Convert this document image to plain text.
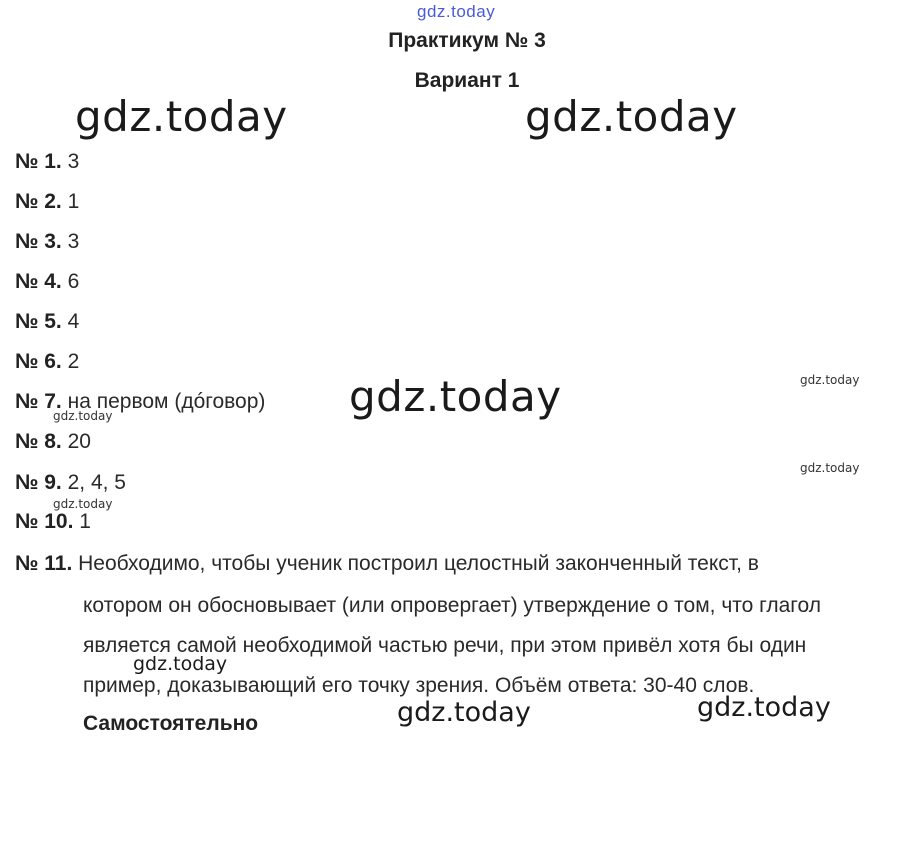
gdz.today
Практикум № 3
Вариант 1
gdz.today	gdz.today
gdz.today	gdz.today
gdz.today
gdz.today
gdz.today
№ 1. 3
№ 2. 1
№ 3. 3
№ 4. 6
№ 5. 4
№ 6. 2
№ 7. на первом (дóговор)
№ 8. 20
№ 9. 2, 4, 5
№ 10. 1
№ 11. Необходимо, чтобы ученик построил целостный законченный текст, в
котором он обосновывает (или опровергает) утверждение о том, что глагол
является самой необходимой частью речи, при этом привёл хотя бы один
пример, доказывающий его точку зрения. Объём ответа: 30-40 слов.
gdz.today
gdz.today	gdz.today
Самостоятельно
